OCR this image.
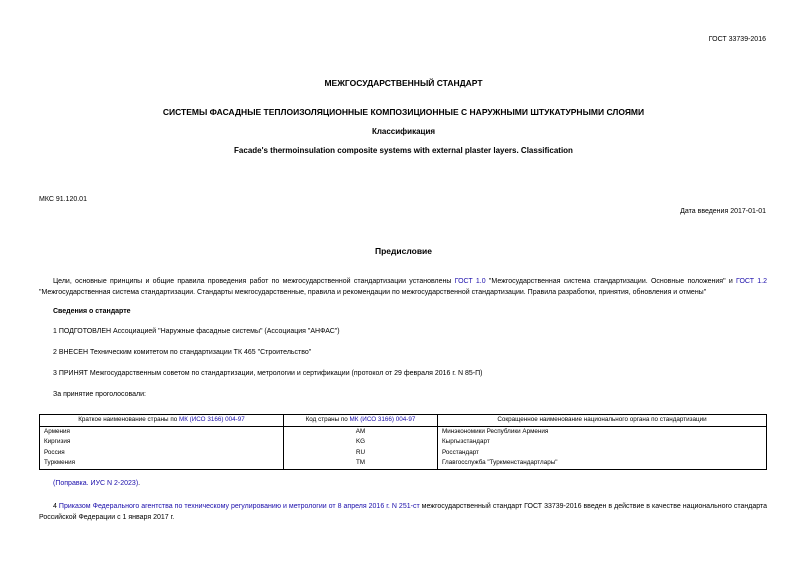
ГОСТ 33739-2016
МЕЖГОСУДАРСТВЕННЫЙ СТАНДАРТ
СИСТЕМЫ ФАСАДНЫЕ ТЕПЛОИЗОЛЯЦИОННЫЕ КОМПОЗИЦИОННЫЕ С НАРУЖНЫМИ ШТУКАТУРНЫМИ СЛОЯМИ
Классификация
Facade's thermoinsulation composite systems with external plaster layers. Classification
МКС 91.120.01
Дата введения 2017-01-01
Предисловие
Цели, основные принципы и общие правила проведения работ по межгосударственной стандартизации установлены ГОСТ 1.0 "Межгосударственная система стандартизации. Основные положения" и ГОСТ 1.2 "Межгосударственная система стандартизации. Стандарты межгосударственные, правила и рекомендации по межгосударственной стандартизации. Правила разработки, принятия, обновления и отмены"
Сведения о стандарте
1 ПОДГОТОВЛЕН Ассоциацией "Наружные фасадные системы" (Ассоциация "АНФАС")
2 ВНЕСЕН Техническим комитетом по стандартизации ТК 465 "Строительство"
3 ПРИНЯТ Межгосударственным советом по стандартизации, метрологии и сертификации (протокол от 29 февраля 2016 г. N 85-П)
За принятие проголосовали:
Краткое наименование страны по МК (ИСО 3166) 004-97	Код страны по МК (ИСО 3166) 004-97	Сокращенное наименование национального органа по стандартизации
Армения	AM	Минэкономики Республики Армения
Киргизия	KG	Кыргызстандарт
Россия	RU	Росстандарт
Туркмения	TM	Главгосслужба "Туркменстандартлары"
(Поправка. ИУС N 2-2023).
4 Приказом Федерального агентства по техническому регулированию и метрологии от 8 апреля 2016 г. N 251-ст межгосударственный стандарт ГОСТ 33739-2016 введен в действие в качестве национального стандарта Российской Федерации с 1 января 2017 г.
